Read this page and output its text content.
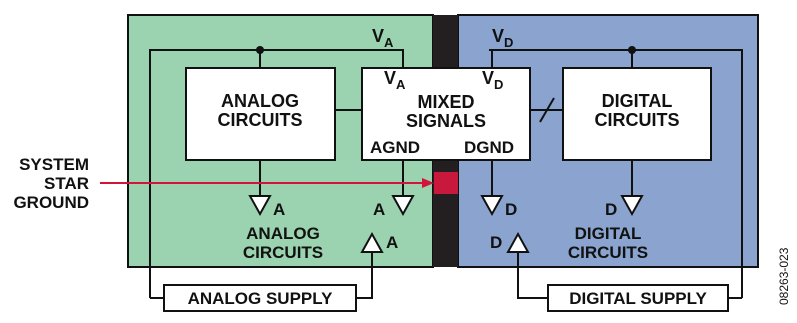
$V_A$	$V_D$
ANALOG
CIRCUITS
DIGITAL
CIRCUITS
$V_A$	$V_D$
MIXED
SIGNALS
AGND	DGND
A	A	D	D
A	D
ANALOG
CIRCUITS
DIGITAL
CIRCUITS
ANALOG SUPPLY	DIGITAL SUPPLY
SYSTEM
STAR
GROUND
08263-023
